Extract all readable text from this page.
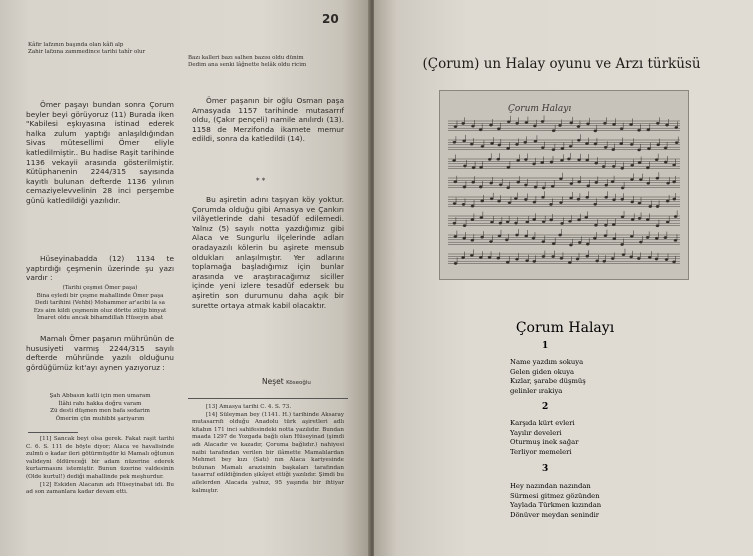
20
Kâfir lafzının başında olan kâfi alp
Zahir lafzına zammedince tarihi tahîr olur
Bazı kalleri bazı salhen bazısı oldu dünim
Dedim ana senki lâğnette helâk oldu ricim
Ömer paşayı bundan sonra Çorum beyler beyi görüyoruz (11) Burada iken "Kabilesi eşkıyasına istinad ederek halka zulum yaptığı anlaşıldığından Sivas mütesellimi Ömer eliyle katledilmiştir.. Bu hadise Raşit tarihinde 1136 vekayii arasında gösterilmiştir. Kütüphanenin 2244/315 sayısında kayıtlı bulunan defterde 1136 yılının cemaziyelevvelinin 28 inci perşembe günü katledildiği yazılıdır.
Hüseyinabadda (12) 1134 te yaptırdığı çeşmenin üzerinde şu yazı vardır :
(Tarihi çeşmei Ömer paşa)
Bina eyledi bir çeşme mahallinde Ömer paşa
Dedi tarihini (Vehbi) Mohammer ar'acibi la sa
Ezs aim kildi çeşmenin oluz dörtte zülip binyat
İmaret oldu ancak bihamdillah Hüseyin abat
Mamalı Ömer paşanın mührünün de hususiyeti varmış 2244/315 sayılı defterde mühründe yazılı olduğunu gördüğümüz kıt'ayı aynen yazıyoruz :
Şah Abbasın katli için men umaram
İlâhi rahı hakka doğru varam
Zü desti düşmen men bafa sedarim
Ömerim çün muhibbi şariyarım
[11] Sancak beyi olsa gerek. Fakat raşit tarihi C. 6. S. 111 de böyle diyor; Alaca ve havalisinde zulmü o kadar ileri götürmüşdür ki Mamalı oğlunun valideyni öldüreceği bir adam nüzerine ederek kurtarmasını istemiştir. Bunun üzerine valdesinin (Olde kurtul!) dediği mahallinde pek meşhurdur.
[12] Eskiden Alacanın adı Hüseyinabat idi. Bu ad son zamanlara kadar devam etti.
Ömer paşanın bir oğlu Osman paşa Amasyada 1157 tarihinde mutasarrıf oldu, (Çakır pençeli) namile anılırdı (13). 1158 de Merzifonda ikamete memur edildi, sonra da katledildi (14).
* *
Bu aşiretin adını taşıyan köy yoktur. Çorumda olduğu gibi Amasya ve Çankırı vilâyetlerinde dahi tesadüf edilemedi. Yalnız (5) sayılı notta yazdığımız gibi Alaca ve Sungurlu ilçelerinde adları oradayazılı kölerin bu aşirete mensub oldukları anlaşılmıştır. Yer adlarını toplamağa başladığımız için bunlar arasında ve araştıracağımız siciller içinde yeni izlere tesadüf edersek bu aşiretin son durumunu daha açık bir surette ortaya atmak kabil olacaktır.
Neşet Köseoğlu
[13] Amasya tarihi C. 4. S. 73.
[14] Süleyman bey (1141. H.) tarihinde Aksaray mutasarrıfı olduğu Anadolu türk aşiretleri adlı kitabın 171 inci sahifesindeki notta yazılıdır. Bundan maada 1297 de Yozgada bağlı olan Hüseyinad (şimdi adı Alacadır ve kazadır, Çoruma bağlıdır.) nahiyesi naibi tarafından verilen bir ilâmette Mamalılardan Mehmet bey kızı (Satı) nın Alaca kariyesinde bulunan Mamalı arazisinin başkaları tarafından tasarruf edildiğinden şikâyet ettiği yazılıdır. Şimdi bu ailelerden Alacada yalnız, 95 yaşında bir ihtiyar kalmıştır.
(Çorum) un Halay oyunu ve Arzı türküsü
Çorum Halayı
Çorum Halayı
1
Name yazdım sokuya
Gelen giden okuya
Kızlar, şarabe düşmüş
gelinler ırakiya
2
Karşıda kürt evleri
Yayılır develeri
Oturmuş inek sağar
Terliyor memeleri
3
Hey nazından nazından
Sürmesi gitmez gözünden
Yaylada Türkmen kızından
Dönüver meydan senindir
